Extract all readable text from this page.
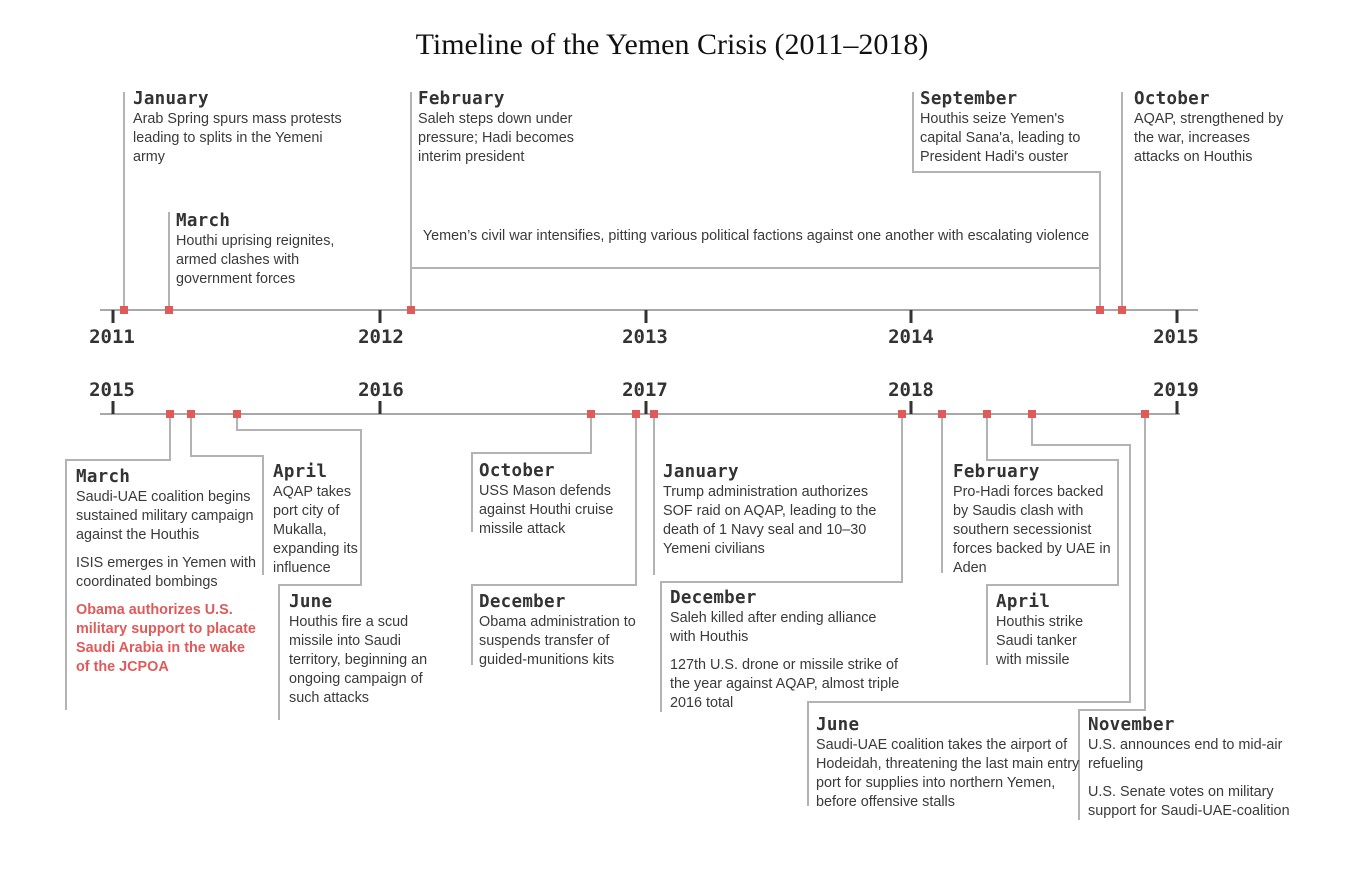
Timeline of the Yemen Crisis (2011–2018)
2011	2012	2013	2014	2015
2015	2016	2017	2018	2019
Yemen’s civil war intensifies, pitting various political factions against one another with escalating violence
January
Arab Spring spurs mass protests leading to splits in the Yemeni army
March
Houthi uprising reignites, armed clashes with government forces
February
Saleh steps down under pressure; Hadi becomes interim president
September
Houthis seize Yemen's capital Sana'a, leading to President Hadi's ouster
October
AQAP, strengthened by the war, increases attacks on Houthis
March
Saudi-UAE coalition begins sustained military campaign against the Houthis
ISIS emerges in Yemen with coordinated bombings
Obama authorizes U.S. military support to placate Saudi Arabia in the wake of the JCPOA
April
AQAP takes port city of Mukalla, expanding its influence
June
Houthis fire a scud missile into Saudi territory, beginning an ongoing campaign of such attacks
October
USS Mason defends against Houthi cruise missile attack
December
Obama administration to suspends transfer of guided-munitions kits
January
Trump administration authorizes SOF raid on AQAP, leading to the death of 1 Navy seal and 10–30 Yemeni civilians
December
Saleh killed after ending alliance with Houthis
127th U.S. drone or missile strike of the year against AQAP, almost triple 2016 total
February
Pro-Hadi forces backed by Saudis clash with southern secessionist forces backed by UAE in Aden
April
Houthis strike Saudi tanker with missile
June
Saudi-UAE coalition takes the airport of Hodeidah, threatening the last main entry port for supplies into northern Yemen, before offensive stalls
November
U.S. announces end to mid-air refueling
U.S. Senate votes on military support for Saudi-UAE-coalition
